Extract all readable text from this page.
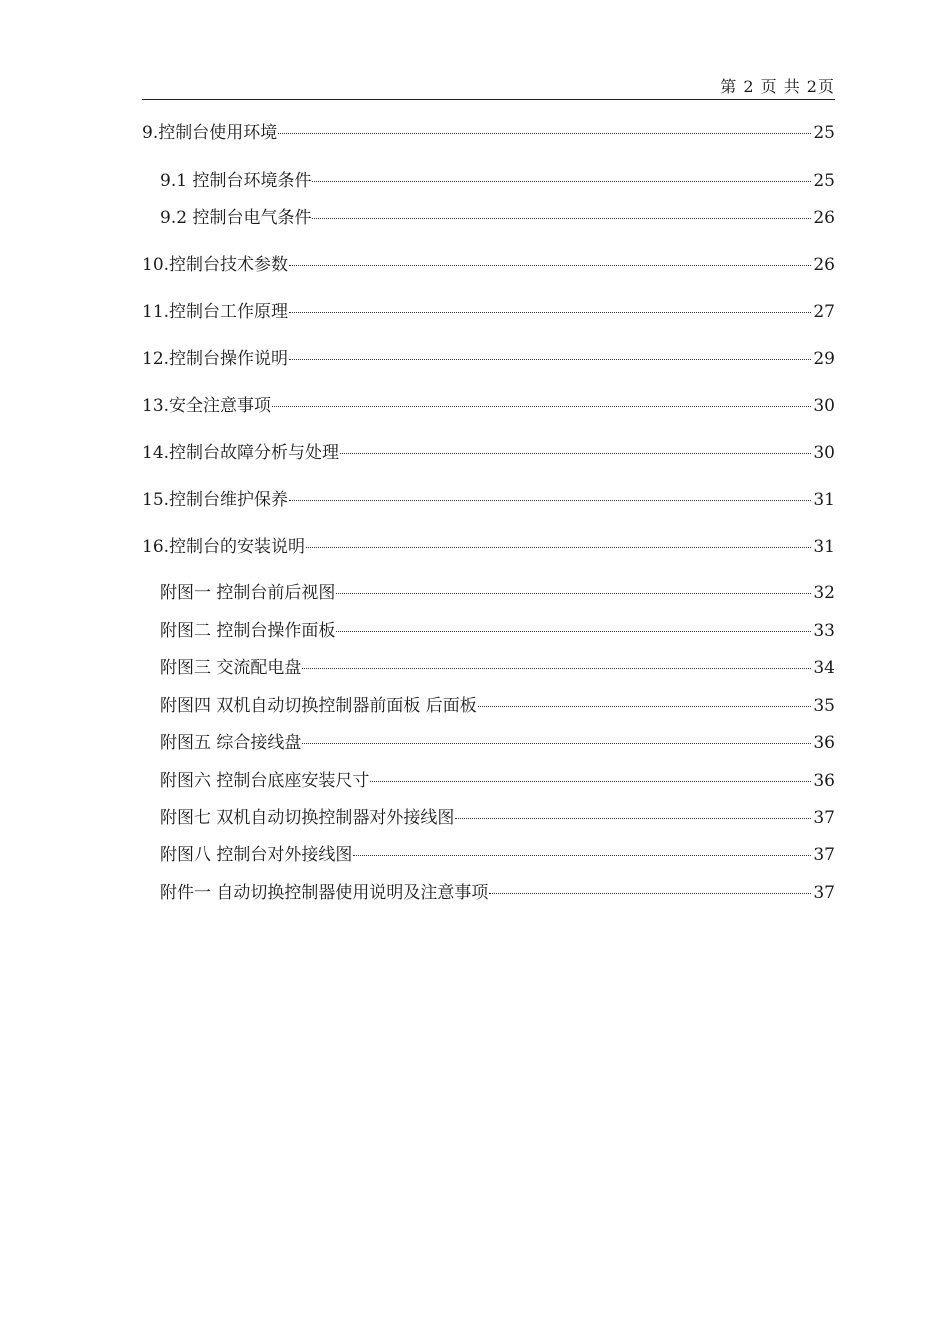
第 2 页 共 2页
9.控制台使用环境	25
9.1 控制台环境条件	25
9.2 控制台电气条件	26
10.控制台技术参数	26
11.控制台工作原理	27
12.控制台操作说明	29
13.安全注意事项	30
14.控制台故障分析与处理	30
15.控制台维护保养	31
16.控制台的安装说明	31
附图一 控制台前后视图	32
附图二 控制台操作面板	33
附图三 交流配电盘	34
附图四 双机自动切换控制器前面板 后面板	35
附图五 综合接线盘	36
附图六 控制台底座安装尺寸	36
附图七 双机自动切换控制器对外接线图	37
附图八 控制台对外接线图	37
附件一 自动切换控制器使用说明及注意事项	37
